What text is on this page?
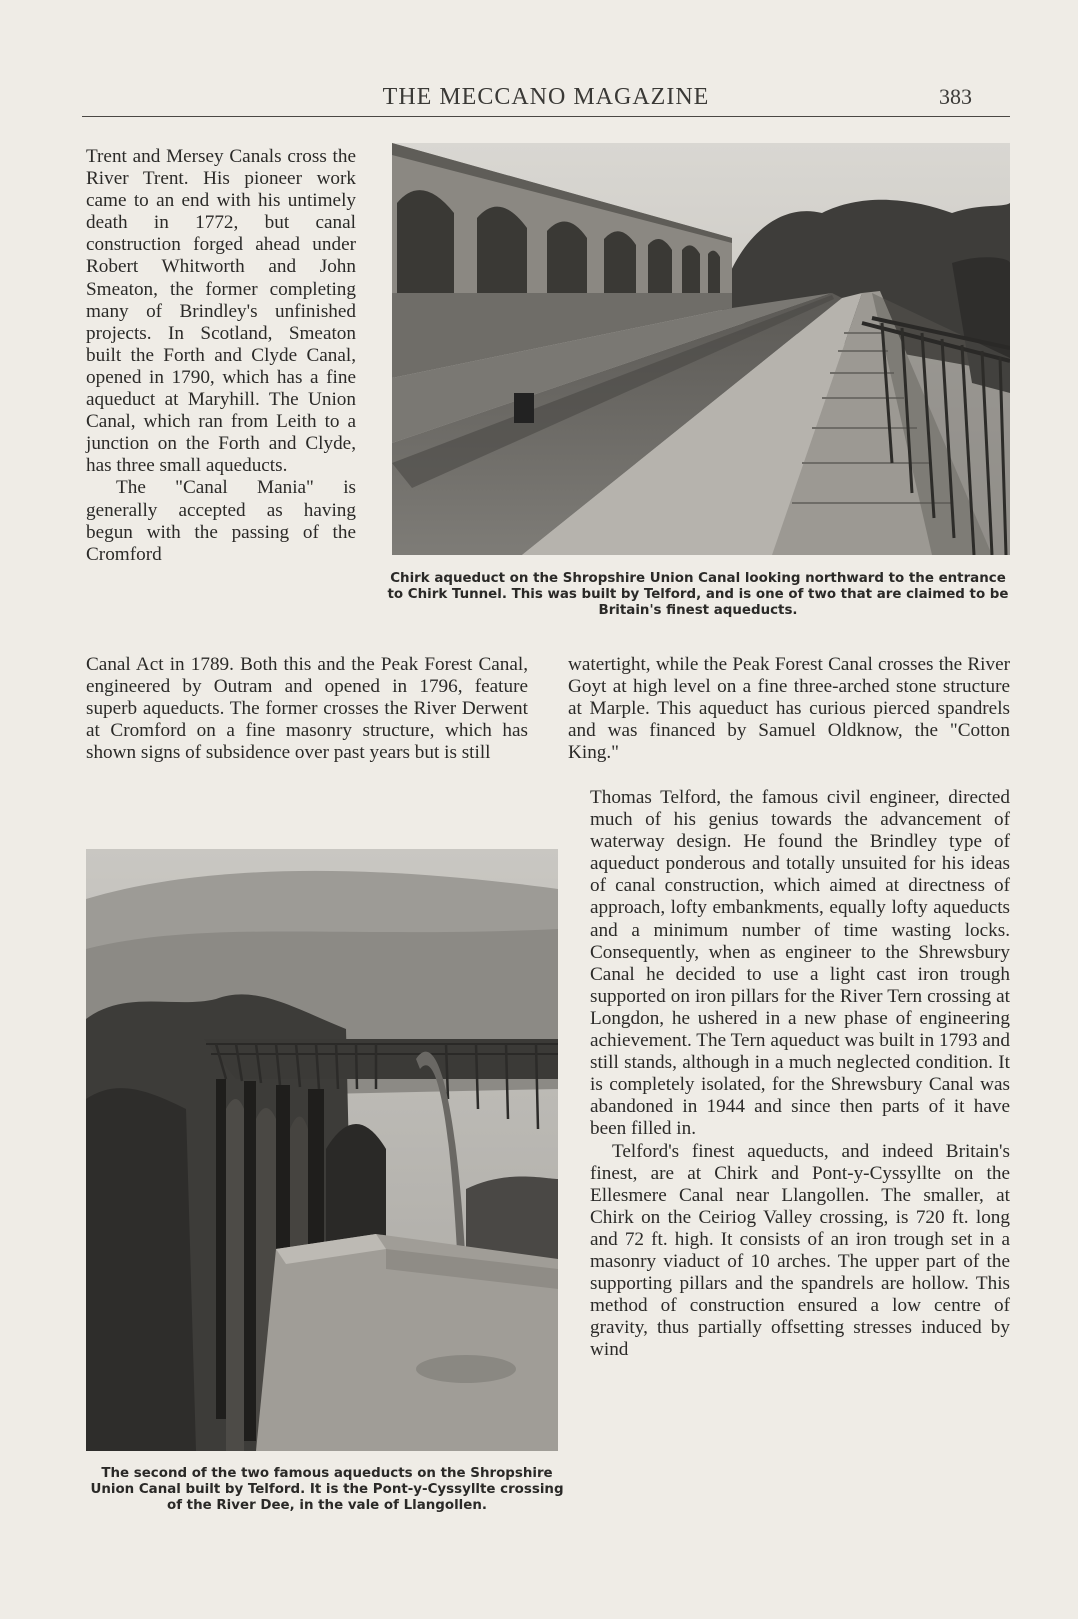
THE MECCANO MAGAZINE	383

Chirk aqueduct on the Shropshire Union Canal looking northward to the entrance to Chirk Tunnel. This was built by Telford, and is one of two that are claimed to be Britain's finest aqueducts.

Trent and Mersey Canals cross the River Trent. His pioneer work came to an end with his untimely death in 1772, but canal construction forged ahead under Robert Whitworth and John Smeaton, the former completing many of Brindley's unfinished projects. In Scotland, Smeaton built the Forth and Clyde Canal, opened in 1790, which has a fine aqueduct at Maryhill. The Union Canal, which ran from Leith to a junction on the Forth and Clyde, has three small aqueducts.

The "Canal Mania" is generally accepted as having begun with the passing of the Cromford

Canal Act in 1789. Both this and the Peak Forest Canal, engineered by Outram and opened in 1796, feature superb aqueducts. The former crosses the River Derwent at Cromford on a fine masonry structure, which has shown signs of subsidence over past years but is still
watertight, while the Peak Forest Canal crosses the River Goyt at high level on a fine three-arched stone structure at Marple. This aqueduct has curious pierced spandrels and was financed by Samuel Oldknow, the "Cotton King."

The second of the two famous aqueducts on the Shropshire Union Canal built by Telford. It is the Pont-y-Cyssyllte crossing of the River Dee, in the vale of Llangollen.

Thomas Telford, the famous civil engineer, directed much of his genius towards the advancement of waterway design. He found the Brindley type of aqueduct ponderous and totally unsuited for his ideas of canal construction, which aimed at directness of approach, lofty embankments, equally lofty aqueducts and a minimum number of time wasting locks. Consequently, when as engineer to the Shrewsbury Canal he decided to use a light cast iron trough supported on iron pillars for the River Tern crossing at Longdon, he ushered in a new phase of engineering achievement. The Tern aqueduct was built in 1793 and still stands, although in a much neglected condition. It is completely isolated, for the Shrewsbury Canal was abandoned in 1944 and since then parts of it have been filled in.

Telford's finest aqueducts, and indeed Britain's finest, are at Chirk and Pont-y-Cyssyllte on the Ellesmere Canal near Llangollen. The smaller, at Chirk on the Ceiriog Valley crossing, is 720 ft. long and 72 ft. high. It consists of an iron trough set in a masonry viaduct of 10 arches. The upper part of the supporting pillars and the spandrels are hollow. This method of construction ensured a low centre of gravity, thus partially offsetting stresses induced by wind
